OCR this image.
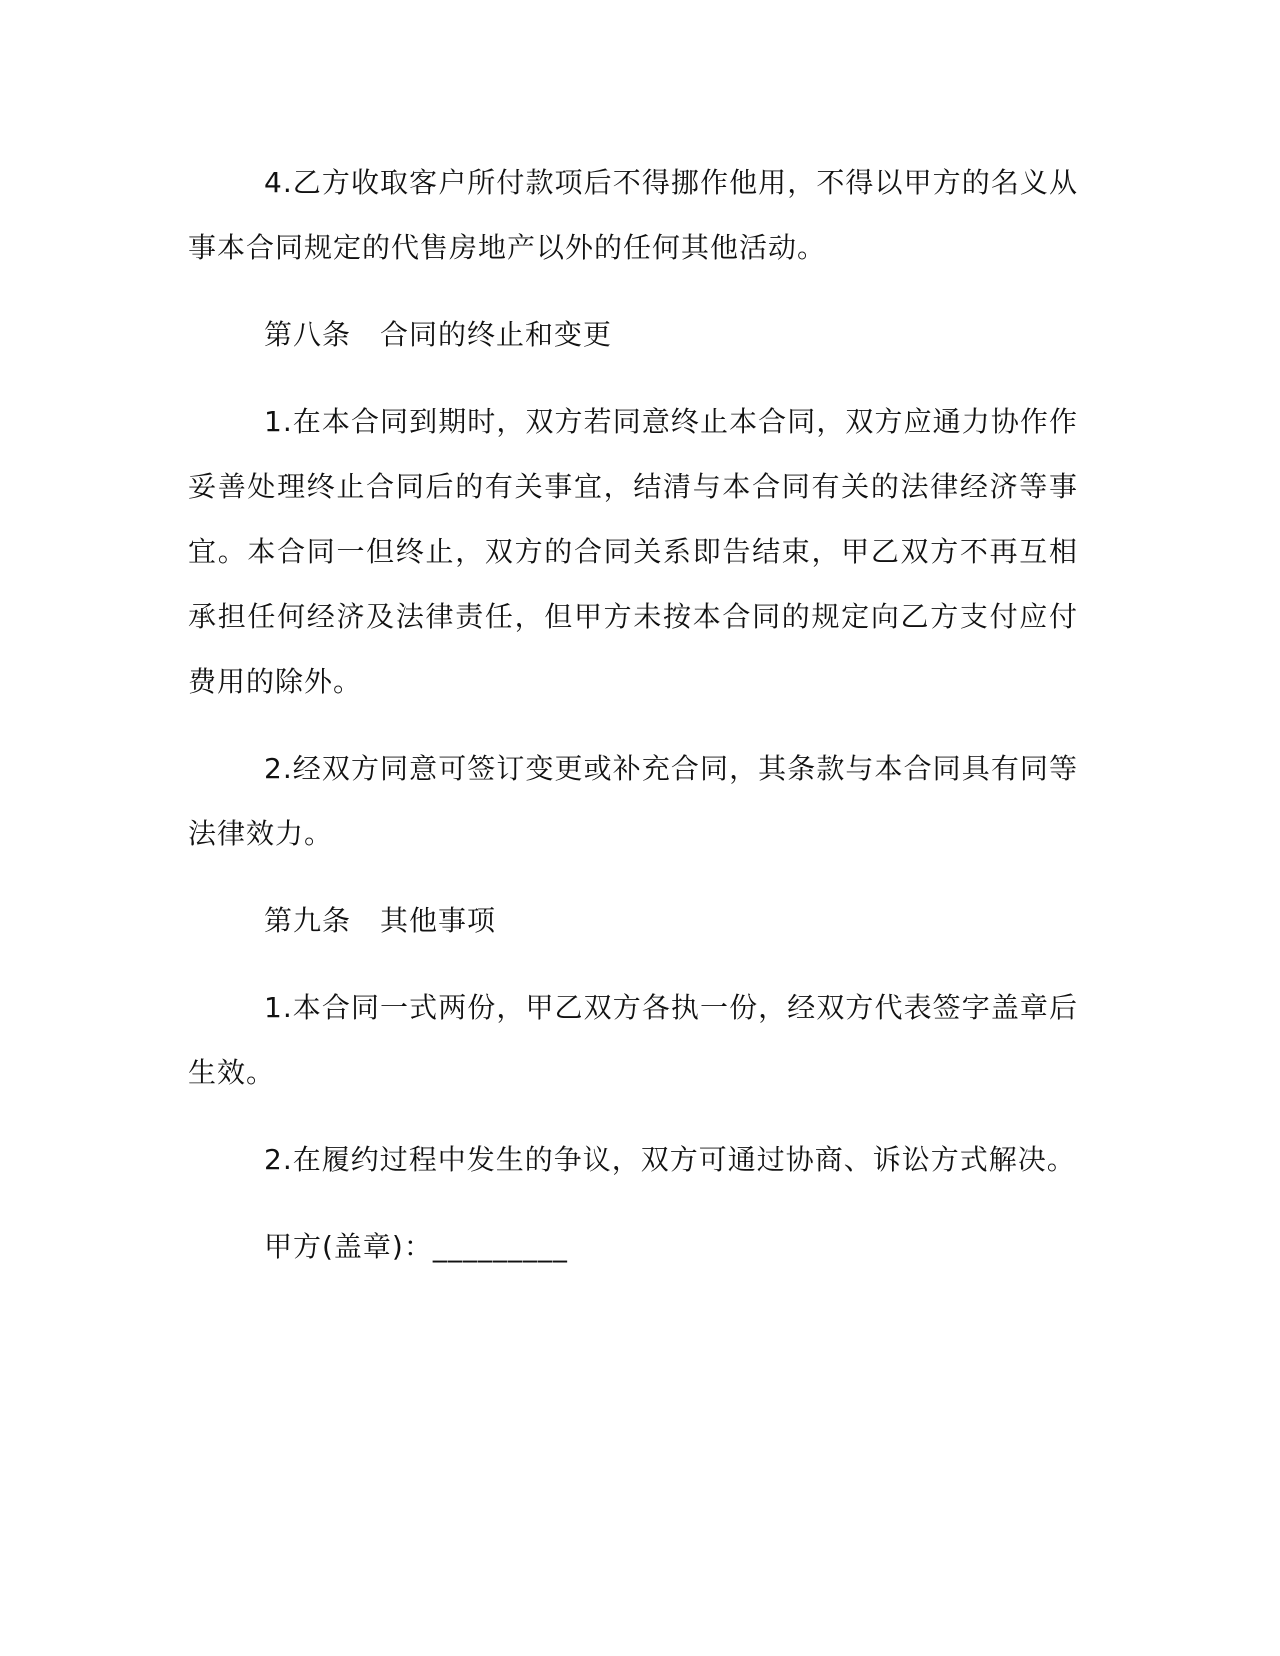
4.乙方收取客户所付款项后不得挪作他用，不得以甲方的名义从事本合同规定的代售房地产以外的任何其他活动。

第八条　合同的终止和变更

1.在本合同到期时，双方若同意终止本合同，双方应通力协作作妥善处理终止合同后的有关事宜，结清与本合同有关的法律经济等事宜。本合同一但终止，双方的合同关系即告结束，甲乙双方不再互相承担任何经济及法律责任，但甲方未按本合同的规定向乙方支付应付费用的除外。

2.经双方同意可签订变更或补充合同，其条款与本合同具有同等法律效力。

第九条　其他事项

1.本合同一式两份，甲乙双方各执一份，经双方代表签字盖章后生效。

2.在履约过程中发生的争议，双方可通过协商、诉讼方式解决。

甲方(盖章)：_________
